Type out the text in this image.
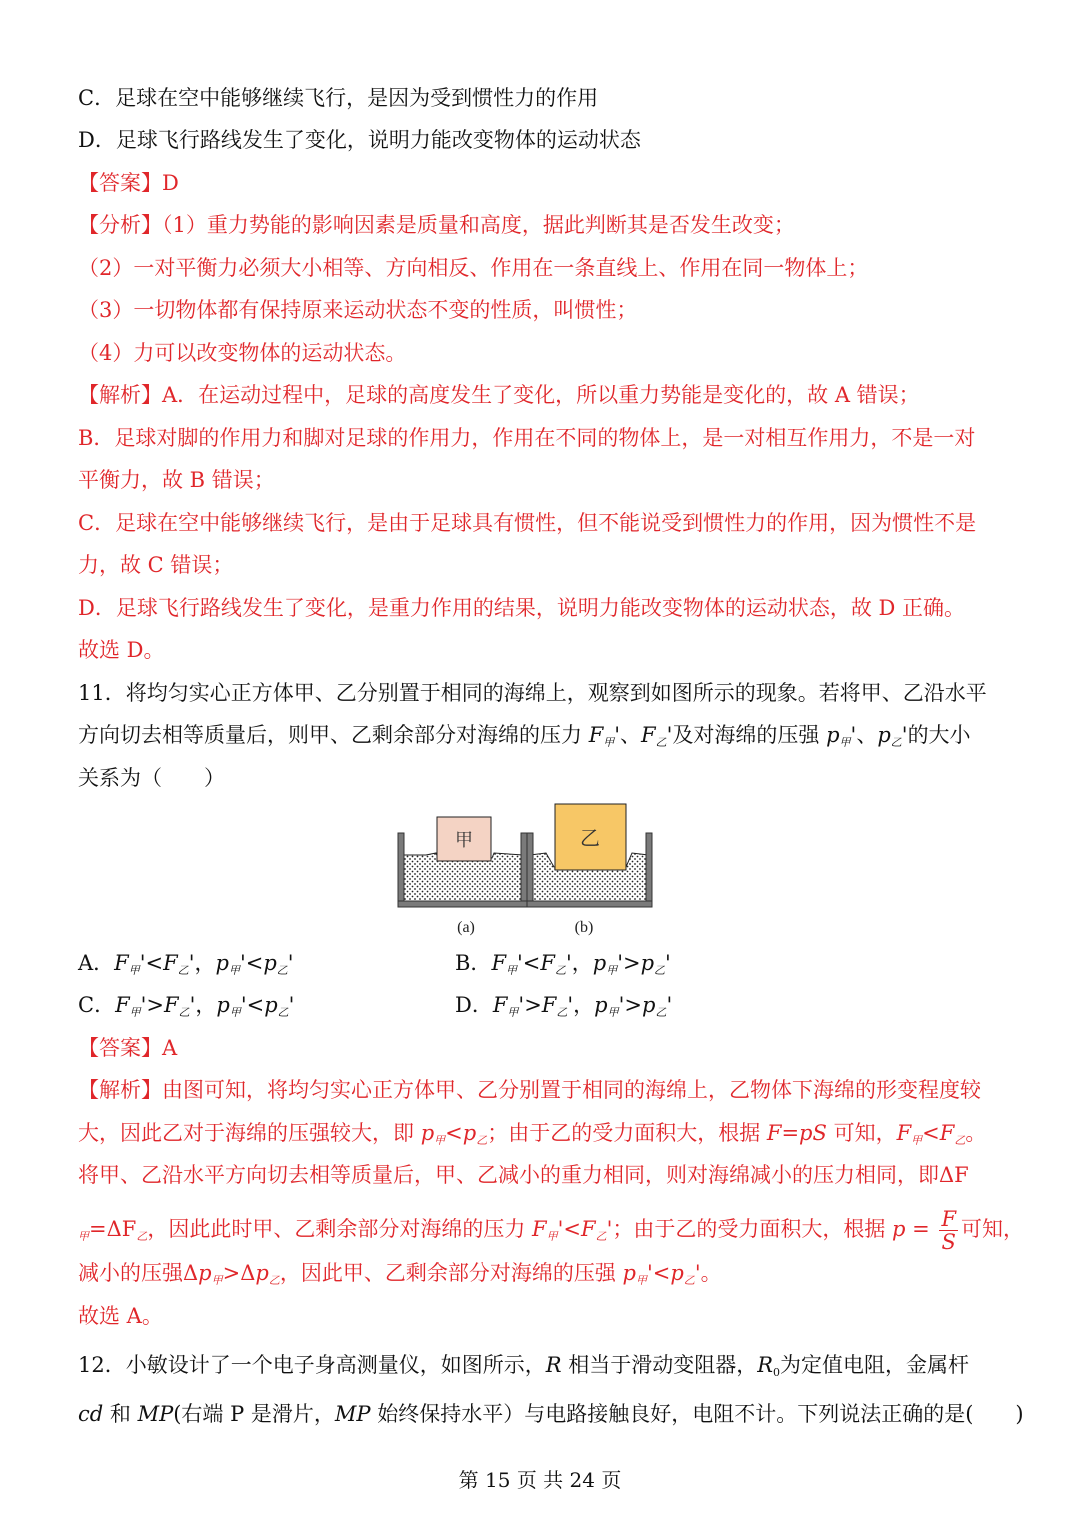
C．足球在空中能够继续飞行，是因为受到惯性力的作用
D．足球飞行路线发生了变化，说明力能改变物体的运动状态
【答案】D
【分析】（1）重力势能的影响因素是质量和高度，据此判断其是否发生改变；
（2）一对平衡力必须大小相等、方向相反、作用在一条直线上、作用在同一物体上；
（3）一切物体都有保持原来运动状态不变的性质，叫惯性；
（4）力可以改变物体的运动状态。
【解析】A．在运动过程中，足球的高度发生了变化，所以重力势能是变化的，故 A 错误；
B．足球对脚的作用力和脚对足球的作用力，作用在不同的物体上，是一对相互作用力，不是一对
平衡力，故 B 错误；
C．足球在空中能够继续飞行，是由于足球具有惯性，但不能说受到惯性力的作用，因为惯性不是
力，故 C 错误；
D．足球飞行路线发生了变化，是重力作用的结果，说明力能改变物体的运动状态，故 D 正确。
故选 D。
11．将均匀实心正方体甲、乙分别置于相同的海绵上，观察到如图所示的现象。若将甲、乙沿水平
方向切去相等质量后，则甲、乙剩余部分对海绵的压力 $F_甲'$、$F_乙'$及对海绵的压强 $p_甲'$、$p_乙'$的大小
关系为（　　）
甲	乙
(a)	(b)
A．$F_甲'<F_乙'$，$p_甲'<p_乙'$	B．$F_甲'<F_乙'$，$p_甲'>p_乙'$
C．$F_甲'>F_乙'$，$p_甲'<p_乙'$	D．$F_甲'>F_乙'$，$p_甲'>p_乙'$
【答案】A
【解析】由图可知，将均匀实心正方体甲、乙分别置于相同的海绵上，乙物体下海绵的形变程度较
大，因此乙对于海绵的压强较大，即 $p_甲<p_乙$；由于乙的受力面积大，根据 F=pS 可知，$F_甲<F_乙$。
将甲、乙沿水平方向切去相等质量后，甲、乙减小的重力相同，则对海绵减小的压力相同，即ΔF
$_甲=\Delta F_乙$，因此此时甲、乙剩余部分对海绵的压力 $F_甲'<F_乙'$；由于乙的受力面积大，根据 $p = \frac{F}{S}$ 可知，
减小的压强$\Delta p_甲>\Delta p_乙$，因此甲、乙剩余部分对海绵的压强 $p_甲'<p_乙'$。
故选 A。
12．小敏设计了一个电子身高测量仪，如图所示，R 相当于滑动变阻器，$R_0$为定值电阻，金属杆
cd 和 MP(右端 P 是滑片，MP 始终保持水平）与电路接触良好，电阻不计。下列说法正确的是(　　)
第 15 页 共 24 页
